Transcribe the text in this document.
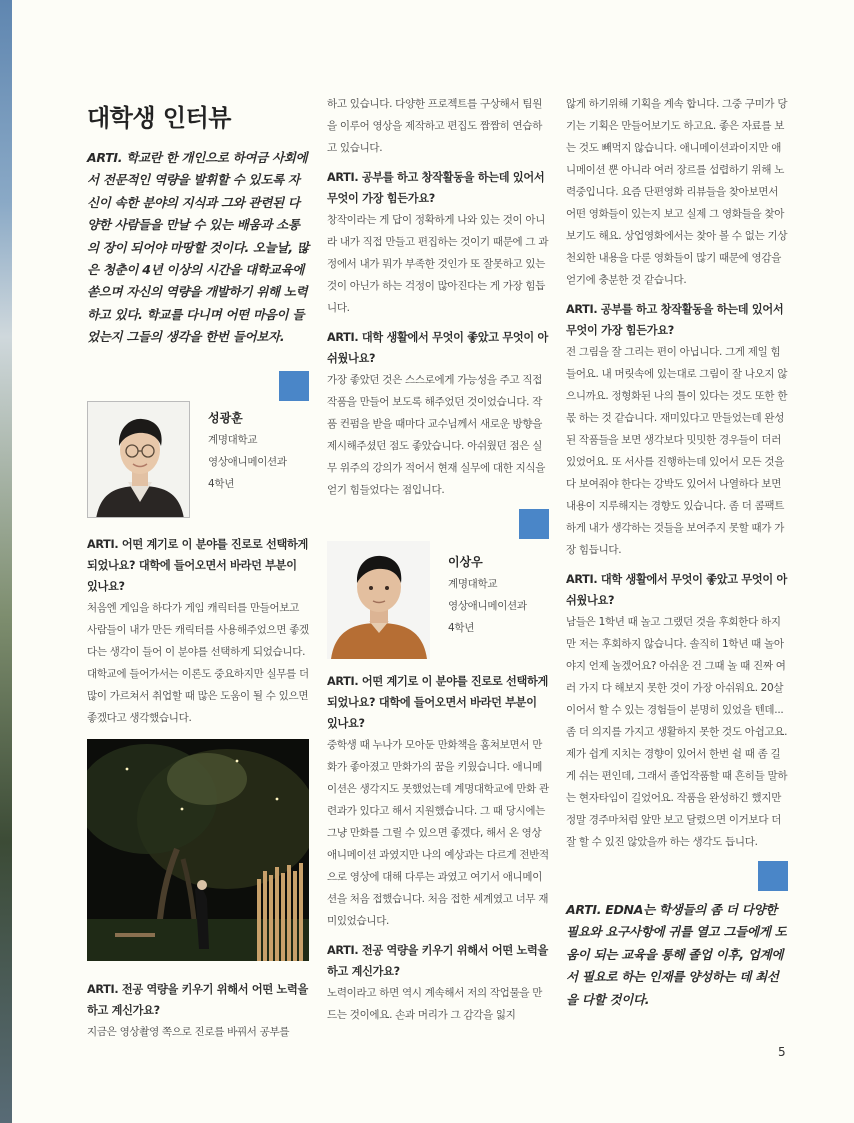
대학생 인터뷰

ARTI. 학교란 한 개인으로 하여금 사회에서 전문적인 역량을 발휘할 수 있도록 자신이 속한 분야의 지식과 그와 관련된 다양한 사람들을 만날 수 있는 배움과 소통의 장이 되어야 마땅할 것이다. 오늘날, 많은 청춘이 4년 이상의 시간을 대학교육에 쏟으며 자신의 역량을 개발하기 위해 노력하고 있다. 학교를 다니며 어떤 마음이 들었는지 그들의 생각을 한번 들어보자.

성광훈
계명대학교
영상애니메이션과
4학년

ARTI. 어떤 계기로 이 분야를 진로로 선택하게 되었나요? 대학에 들어오면서 바라던 부분이 있나요?

처음엔 게임을 하다가 게임 캐릭터를 만들어보고 사람들이 내가 만든 캐릭터를 사용해주었으면 좋겠다는 생각이 들어 이 분야를 선택하게 되었습니다. 대학교에 들어가서는 이론도 중요하지만 실무를 더 많이 가르쳐서 취업할 때 많은 도움이 될 수 있으면 좋겠다고 생각했습니다.

ARTI. 전공 역량을 키우기 위해서 어떤 노력을 하고 계신가요?

지금은 영상촬영 쪽으로 진로를 바꿔서 공부를

하고 있습니다. 다양한 프로젝트를 구상해서 팀원을 이루어 영상을 제작하고 편집도 짬짬히 연습하고 있습니다.

ARTI. 공부를 하고 창작활동을 하는데 있어서 무엇이 가장 힘든가요?

창작이라는 게 답이 정확하게 나와 있는 것이 아니라 내가 직접 만들고 편집하는 것이기 때문에 그 과정에서 내가 뭐가 부족한 것인가 또 잘못하고 있는 것이 아닌가 하는 걱정이 많아진다는 게 가장 힘듭니다.

ARTI. 대학 생활에서 무엇이 좋았고 무엇이 아쉬웠나요?

가장 좋았던 것은 스스로에게 가능성을 주고 직접 작품을 만들어 보도록 해주었던 것이었습니다. 작품 컨펌을 받을 때마다 교수님께서 새로운 방향을 제시해주셨던 점도 좋았습니다. 아쉬웠던 점은 실무 위주의 강의가 적어서 현재 실무에 대한 지식을 얻기 힘들었다는 점입니다.

이상우
계명대학교
영상애니메이션과
4학년

ARTI. 어떤 계기로 이 분야를 진로로 선택하게 되었나요? 대학에 들어오면서 바라던 부분이 있나요?

중학생 때 누나가 모아둔 만화책을 훔쳐보면서 만화가 좋아졌고 만화가의 꿈을 키웠습니다. 애니메이션은 생각지도 못했었는데 계명대학교에 만화 관련과가 있다고 해서 지원했습니다. 그 때 당시에는 그냥 만화를 그릴 수 있으면 좋겠다, 해서 온 영상애니메이션 과였지만 나의 예상과는 다르게 전반적으로 영상에 대해 다루는 과였고 여기서 애니메이션을 처음 접했습니다. 처음 접한 세계였고 너무 재미있었습니다.

ARTI. 전공 역량을 키우기 위해서 어떤 노력을 하고 계신가요?

노력이라고 하면 역시 계속해서 저의 작업물을 만드는 것이에요. 손과 머리가 그 감각을 잃지

않게 하기위해 기획을 계속 합니다. 그중 구미가 당기는 기획은 만들어보기도 하고요. 좋은 자료를 보는 것도 빼먹지 않습니다. 애니메이션과이지만 애니메이션 뿐 아니라 여러 장르를 섭렵하기 위해 노력중입니다. 요즘 단편영화 리뷰들을 찾아보면서 어떤 영화들이 있는지 보고 실제 그 영화들을 찾아보기도 해요. 상업영화에서는 찾아 볼 수 없는 기상천외한 내용을 다룬 영화들이 많기 때문에 영감을 얻기에 충분한 것 같습니다.

ARTI. 공부를 하고 창작활동을 하는데 있어서 무엇이 가장 힘든가요?

전 그림을 잘 그리는 편이 아닙니다. 그게 제일 힘들어요. 내 머릿속에 있는대로 그림이 잘 나오지 않으니까요. 정형화된 나의 틀이 있다는 것도 또한 한 몫 하는 것 같습니다. 재미있다고 만들었는데 완성된 작품들을 보면 생각보다 밋밋한 경우들이 더러 있었어요. 또 서사를 진행하는데 있어서 모든 것을 다 보여줘야 한다는 강박도 있어서 나열하다 보면 내용이 지루해지는 경향도 있습니다. 좀 더 콤팩트하게 내가 생각하는 것들을 보여주지 못할 때가 가장 힘듭니다.

ARTI. 대학 생활에서 무엇이 좋았고 무엇이 아쉬웠나요?

남들은 1학년 때 놀고 그랬던 것을 후회한다 하지만 저는 후회하지 않습니다. 솔직히 1학년 때 놀아야지 언제 놀겠어요? 아쉬운 건 그때 놀 때 진짜 여러 가지 다 해보지 못한 것이 가장 아쉬워요. 20살이어서 할 수 있는 경험들이 분명히 있었을 텐데... 좀 더 의지를 가지고 생활하지 못한 것도 아쉽고요. 제가 쉽게 지치는 경향이 있어서 한번 쉴 때 좀 길게 쉬는 편인데, 그래서 졸업작품할 때 흔히들 말하는 현자타임이 길었어요. 작품을 완성하긴 했지만 정말 경주마처럼 앞만 보고 달렸으면 이거보다 더 잘 할 수 있진 않았을까 하는 생각도 듭니다.

ARTI. EDNA는 학생들의 좀 더 다양한 필요와 요구사항에 귀를 열고 그들에게 도움이 되는 교육을 통해 졸업 이후, 업계에서 필요로 하는 인재를 양성하는 데 최선을 다할 것이다.

5
